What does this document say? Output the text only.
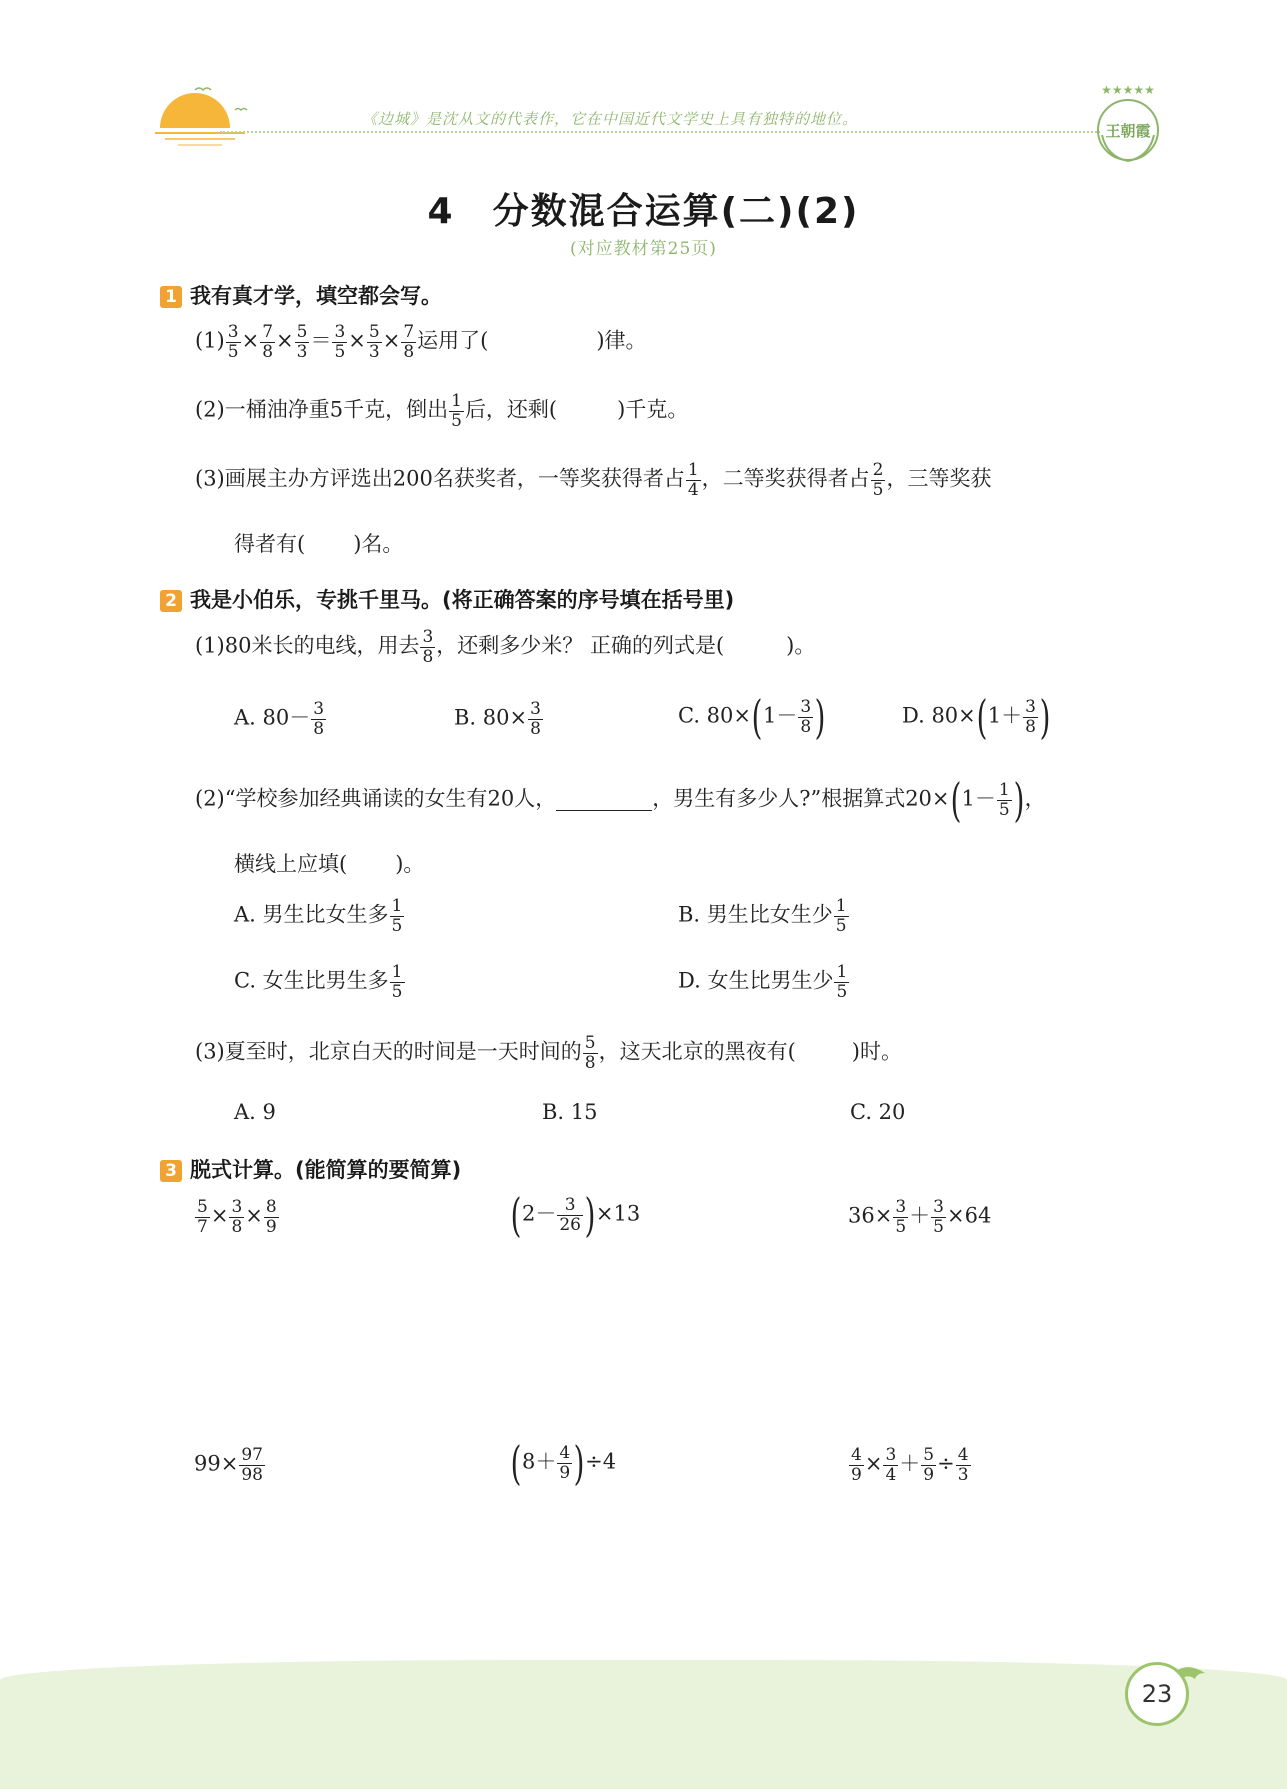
《边城》是沈从文的代表作，它在中国近代文学史上具有独特的地位。
★★★★★
王朝霞
4　分数混合运算(二)(2)
(对应教材第25页)
1 我有真才学，填空都会写。
$(1) \frac{3}{5} \times \frac{7}{8} \times \frac{5}{3} = \frac{3}{5} \times \frac{5}{3} \times \frac{7}{8}$ 运用了(	)律。
(2)一桶油净重5千克，倒出 $\frac{1}{5}$ 后，还剩(	)千克。
(3)画展主办方评选出200名获奖者，一等奖获得者占 $\frac{1}{4}$ ，二等奖获得者占 $\frac{2}{5}$ ，三等奖获
得者有( )名。
2 我是小伯乐，专挑千里马。(将正确答案的序号填在括号里)
(1)80米长的电线，用去 $\frac{3}{8}$ ，还剩多少米？ 正确的列式是(	)。
A. $80- \frac{3}{8}$	B. $80\times \frac{3}{8}$	C. $80\times(1- \frac{3}{8}$ )	D. $80\times(1+ \frac{3}{8}$ )
(2)“学校参加经典诵读的女生有20人，	，男生有多少人?”根据算式$20\times(1- \frac{1}{5}$ )，
横线上应填( )。
A. 男生比女生多 $\frac{1}{5}$	B. 男生比女生少 $\frac{1}{5}$
C. 女生比男生多 $\frac{1}{5}$	D. 女生比男生少 $\frac{1}{5}$
(3)夏至时，北京白天的时间是一天时间的 $\frac{5}{8}$ ，这天北京的黑夜有(	)时。
A. 9	B. 15	C. 20
3 脱式计算。(能简算的要简算)
$\frac{5}{7} \times \frac{3}{8} \times \frac{8}{9}$	$(2- \frac{3}{26} )\times 13$	$36\times \frac{3}{5} + \frac{3}{5} \times 64$
$99\times \frac{97}{98}$	$(8+ \frac{4}{9} )\div 4$	$\frac{4}{9} \times \frac{3}{4} + \frac{5}{9} \div \frac{4}{3}$
23
